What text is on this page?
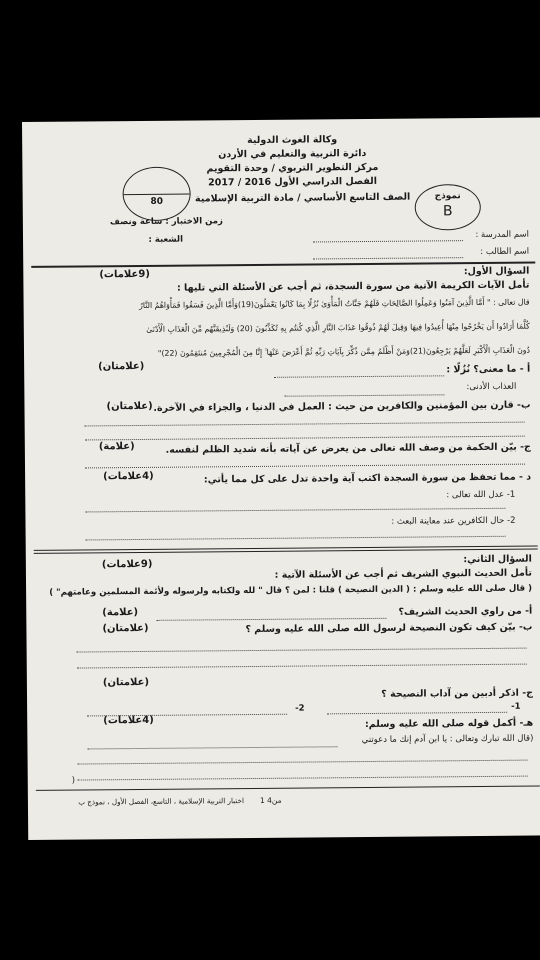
وكالة الغوث الدولية
دائرة التربية والتعليم في الأردن
مركز التطوير التربوي / وحدة التقويم
الفصل الدراسي الأول 2016 / 2017
الصف التاسع الأساسي / مادة التربية الإسلامية
80
نموذج
B
زمن الاختبار : ساعة ونصف
اسم المدرسة :
الشعبة :
اسم الطالب :
السؤال الأول:
(9علامات)
تأمل الآيات الكريمة الآتية من سورة السجدة، ثم أجب عن الأسئلة التي تليها :
قال تعالى : " أَمَّا الَّذِينَ آمَنُوا وَعَمِلُوا الصَّالِحَاتِ فَلَهُمْ جَنَّاتُ الْمَأْوَىٰ نُزُلًا بِمَا كَانُوا يَعْمَلُونَ(19)وَأَمَّا الَّذِينَ فَسَقُوا فَمَأْوَاهُمُ النَّارُ
كُلَّمَا أَرَادُوا أَن يَخْرُجُوا مِنْهَا أُعِيدُوا فِيهَا وَقِيلَ لَهُمْ ذُوقُوا عَذَابَ النَّارِ الَّذِي كُنتُم بِهِ تُكَذِّبُونَ (20) وَلَنُذِيقَنَّهُم مِّنَ الْعَذَابِ الْأَدْنَىٰ
دُونَ الْعَذَابِ الْأَكْبَرِ لَعَلَّهُمْ يَرْجِعُونَ(21)وَمَنْ أَظْلَمُ مِمَّن ذُكِّرَ بِآيَاتِ رَبِّهِ ثُمَّ أَعْرَضَ عَنْهَا ۚ إِنَّا مِنَ الْمُجْرِمِينَ مُنتَقِمُونَ (22)"
أ - ما معنى؟ نُزُلًا :
(علامتان)
العذاب الأدنى:
ب- قارن بين المؤمنين والكافرين من حيث : العمل في الدنيا ، والجزاء في الآخرة.
(علامتان)
ج- بيّن الحكمة من وصف الله تعالى من يعرض عن آياته بأنه شديد الظلم لنفسه.
(علامة)
د - مما تحفظ من سورة السجدة اكتب آية واحدة تدل على كل مما يأتي:
(4علامات)
1- عدل الله تعالى :
2- حال الكافرين عند معاينة البعث :
السؤال الثاني:
(9علامات)
تأمل الحديث النبوي الشريف ثم أجب عن الأسئلة الآتية :
( قال صلى الله عليه وسلم : ( الدين النصيحة ) قلنا : لمن ؟ قال " لله ولكتابه ولرسوله ولأئمة المسلمين وعامتهم" )
أ- من راوي الحديث الشريف؟
(علامة)
ب- بيّن كيف تكون النصيحة لرسول الله صلى الله عليه وسلم ؟
(علامتان)
ج- اذكر أدبين من آداب النصيحة ؟
(علامتان)
-1
-2
هـ- أكمل قوله صلى الله عليه وسلم:
(4علامات)
(قال الله تبارك وتعالى : يا ابن آدم إنك ما دعوتني
)
1 من4
اختبار التربية الإسلامية ، التاسع، الفصل الأول ، نموذج ب
